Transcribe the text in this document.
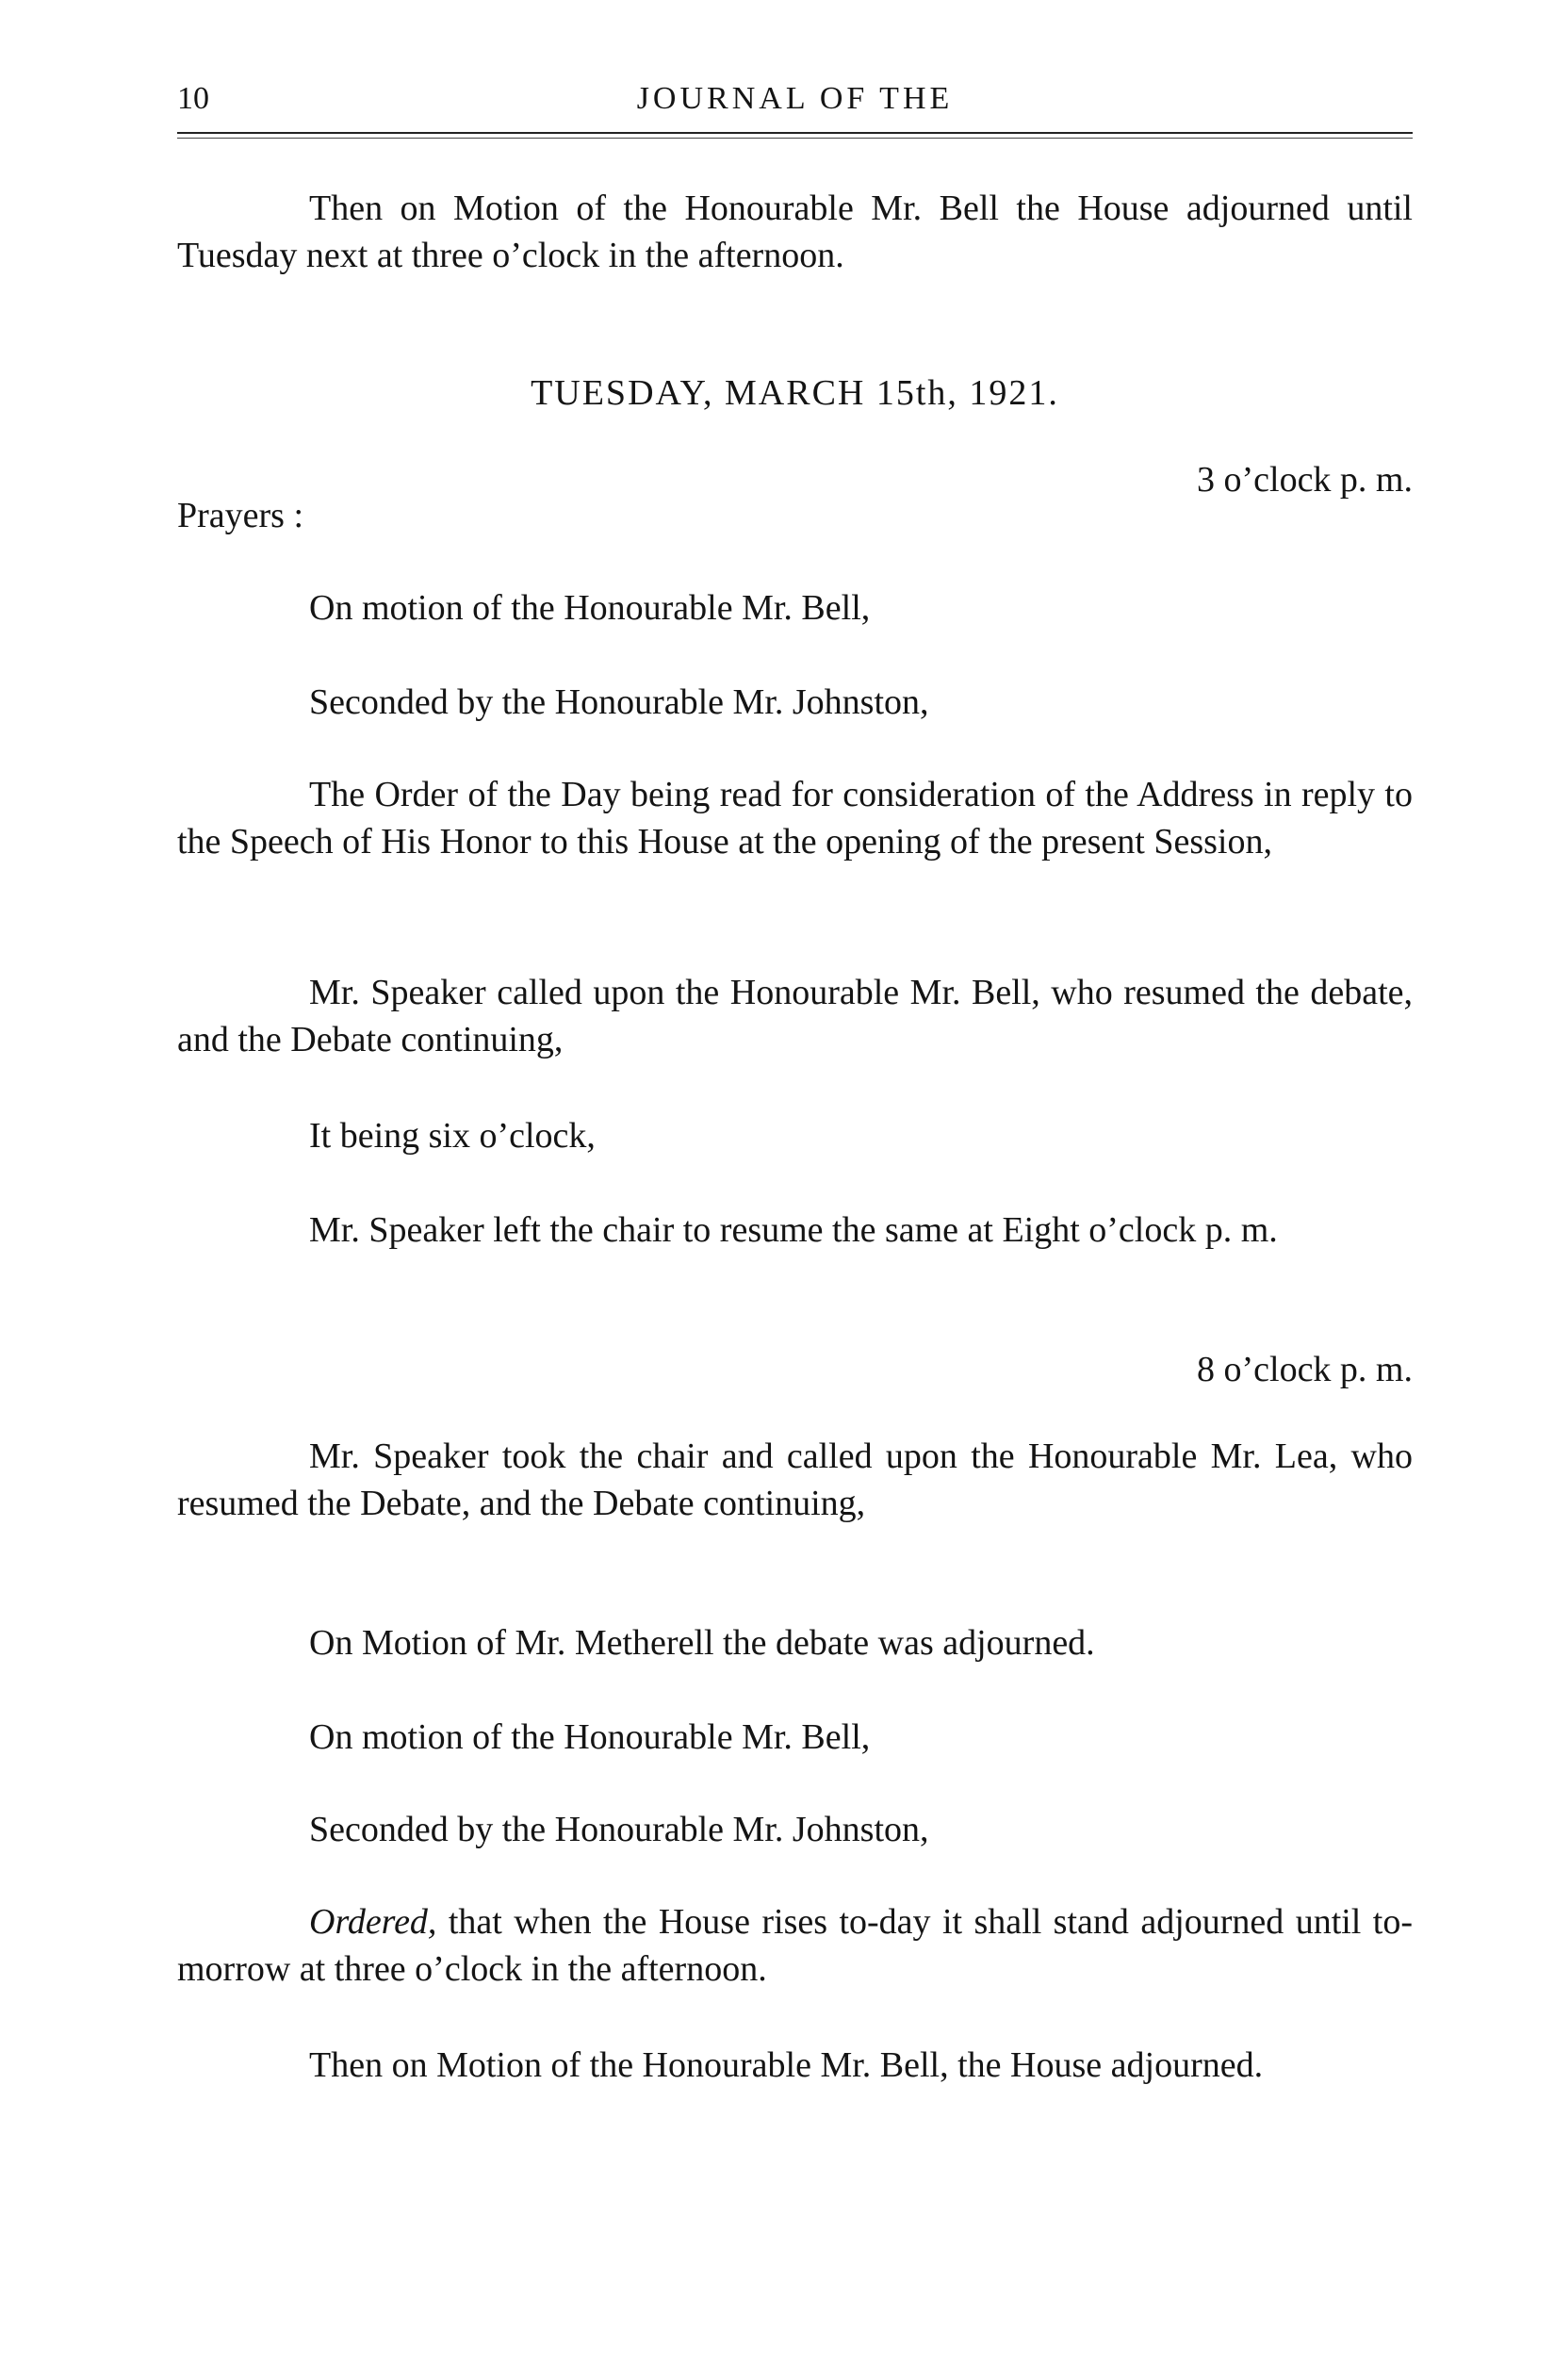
10	JOURNAL OF THE

Then on Motion of the Honourable Mr. Bell the House adjourned until Tuesday next at three o’clock in the afternoon.

TUESDAY, MARCH 15th, 1921.
3 o’clock p. m.
Prayers :

On motion of the Honourable Mr. Bell,

Seconded by the Honourable Mr. Johnston,

The Order of the Day being read for consideration of the Address in reply to the Speech of His Honor to this House at the opening of the present Session,

Mr. Speaker called upon the Honourable Mr. Bell, who resumed the debate, and the Debate continuing,

It being six o’clock,

Mr. Speaker left the chair to resume the same at Eight o’clock p. m.

8 o’clock p. m.

Mr. Speaker took the chair and called upon the Honourable Mr. Lea, who resumed the Debate, and the Debate continuing,

On Motion of Mr. Metherell the debate was adjourned.

On motion of the Honourable Mr. Bell,

Seconded by the Honourable Mr. Johnston,

Ordered, that when the House rises to-day it shall stand adjourned until to-morrow at three o’clock in the afternoon.

Then on Motion of the Honourable Mr. Bell, the House adjourned.
